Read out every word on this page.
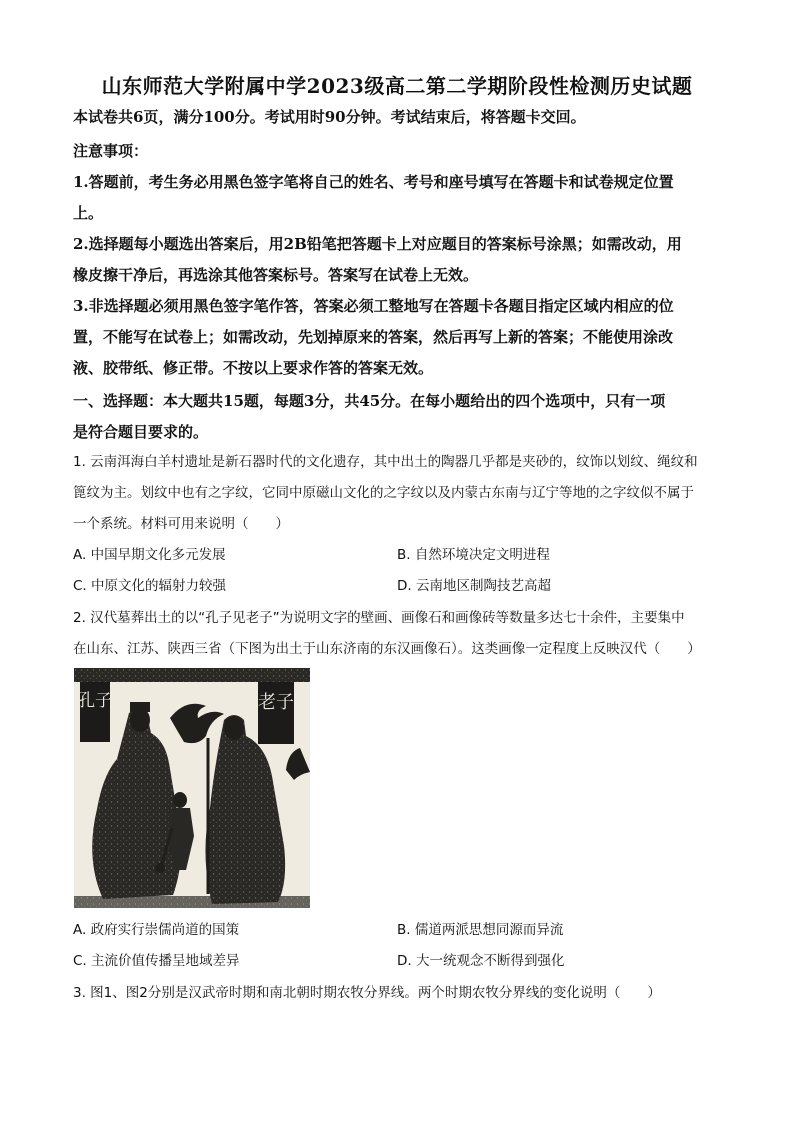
山东师范大学附属中学2023级高二第二学期阶段性检测历史试题
本试卷共6页，满分100分。考试用时90分钟。考试结束后，将答题卡交回。
注意事项：
1.答题前，考生务必用黑色签字笔将自己的姓名、考号和座号填写在答题卡和试卷规定位置
上。
2.选择题每小题选出答案后，用2B铅笔把答题卡上对应题目的答案标号涂黑；如需改动，用
橡皮擦干净后，再选涂其他答案标号。答案写在试卷上无效。
3.非选择题必须用黑色签字笔作答，答案必须工整地写在答题卡各题目指定区域内相应的位
置，不能写在试卷上；如需改动，先划掉原来的答案，然后再写上新的答案；不能使用涂改
液、胶带纸、修正带。不按以上要求作答的答案无效。
一、选择题：本大题共15题，每题3分，共45分。在每小题给出的四个选项中，只有一项
是符合题目要求的。
1. 云南洱海白羊村遗址是新石器时代的文化遗存，其中出土的陶器几乎都是夹砂的，纹饰以划纹、绳纹和
篦纹为主。划纹中也有之字纹，它同中原磁山文化的之字纹以及内蒙古东南与辽宁等地的之字纹似不属于
一个系统。材料可用来说明（　　）
A. 中国早期文化多元发展	B. 自然环境决定文明进程
C. 中原文化的辐射力较强	D. 云南地区制陶技艺高超
2. 汉代墓葬出土的以“孔子见老子”为说明文字的壁画、画像石和画像砖等数量多达七十余件，主要集中
在山东、江苏、陕西三省（下图为出土于山东济南的东汉画像石）。这类画像一定程度上反映汉代（　　）
孔子	老子
A. 政府实行崇儒尚道的国策	B. 儒道两派思想同源而异流
C. 主流价值传播呈地域差异	D. 大一统观念不断得到强化
3. 图1、图2分别是汉武帝时期和南北朝时期农牧分界线。两个时期农牧分界线的变化说明（　　）
